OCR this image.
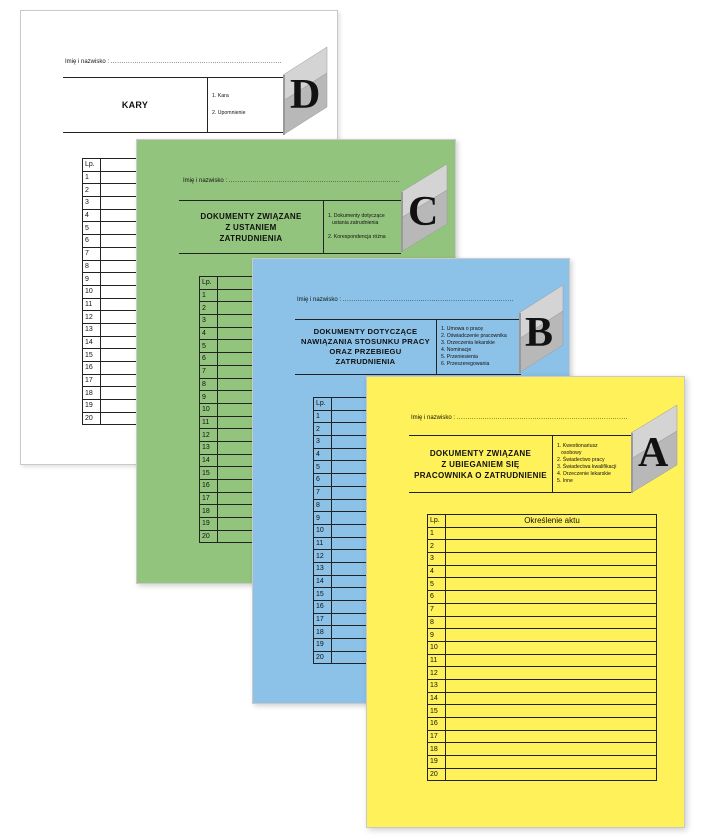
Imię i nazwisko : ...............................................................................
KARY
1. Kara
2. Upomnienie	D
Lp.	
1	
2	
3	
4	
5	
6	
7	
8	
9	
10	
11	
12	
13	
14	
15	
16	
17	
18	
19	
20	
Imię i nazwisko : ...............................................................................
DOKUMENTY ZWIĄZANE
Z USTANIEM
ZATRUDNIENIA
1. Dokumenty dotyczące
ustania zatrudnienia
2. Korespondencja różna
C
Lp.	
1	
2	
3	
4	
5	
6	
7	
8	
9	
10	
11	
12	
13	
14	
15	
16	
17	
18	
19	
20	
Imię i nazwisko : ...............................................................................
DOKUMENTY DOTYCZĄCE
NAWIĄZANIA STOSUNKU PRACY
ORAZ PRZEBIEGU
ZATRUDNIENIA
1. Umowa o pracę
2. Oświadczenie pracownika
3. Orzeczenia lekarskie
4. Nominacje
5. Przeniesienia
6. Przeszeregowania
B
Lp.	
1	
2	
3	
4	
5	
6	
7	
8	
9	
10	
11	
12	
13	
14	
15	
16	
17	
18	
19	
20	
Imię i nazwisko : ...............................................................................
DOKUMENTY ZWIĄZANE
Z UBIEGANIEM SIĘ
PRACOWNIKA O ZATRUDNIENIE
1. Kwestionariusz
osobowy
2. Świadectwo pracy
3. Świadectwa kwalifikacji
4. Orzeczenie lekarskie
5. Inne
A
Lp.	Określenie aktu
1	
2	
3	
4	
5	
6	
7	
8	
9	
10	
11	
12	
13	
14	
15	
16	
17	
18	
19	
20	
